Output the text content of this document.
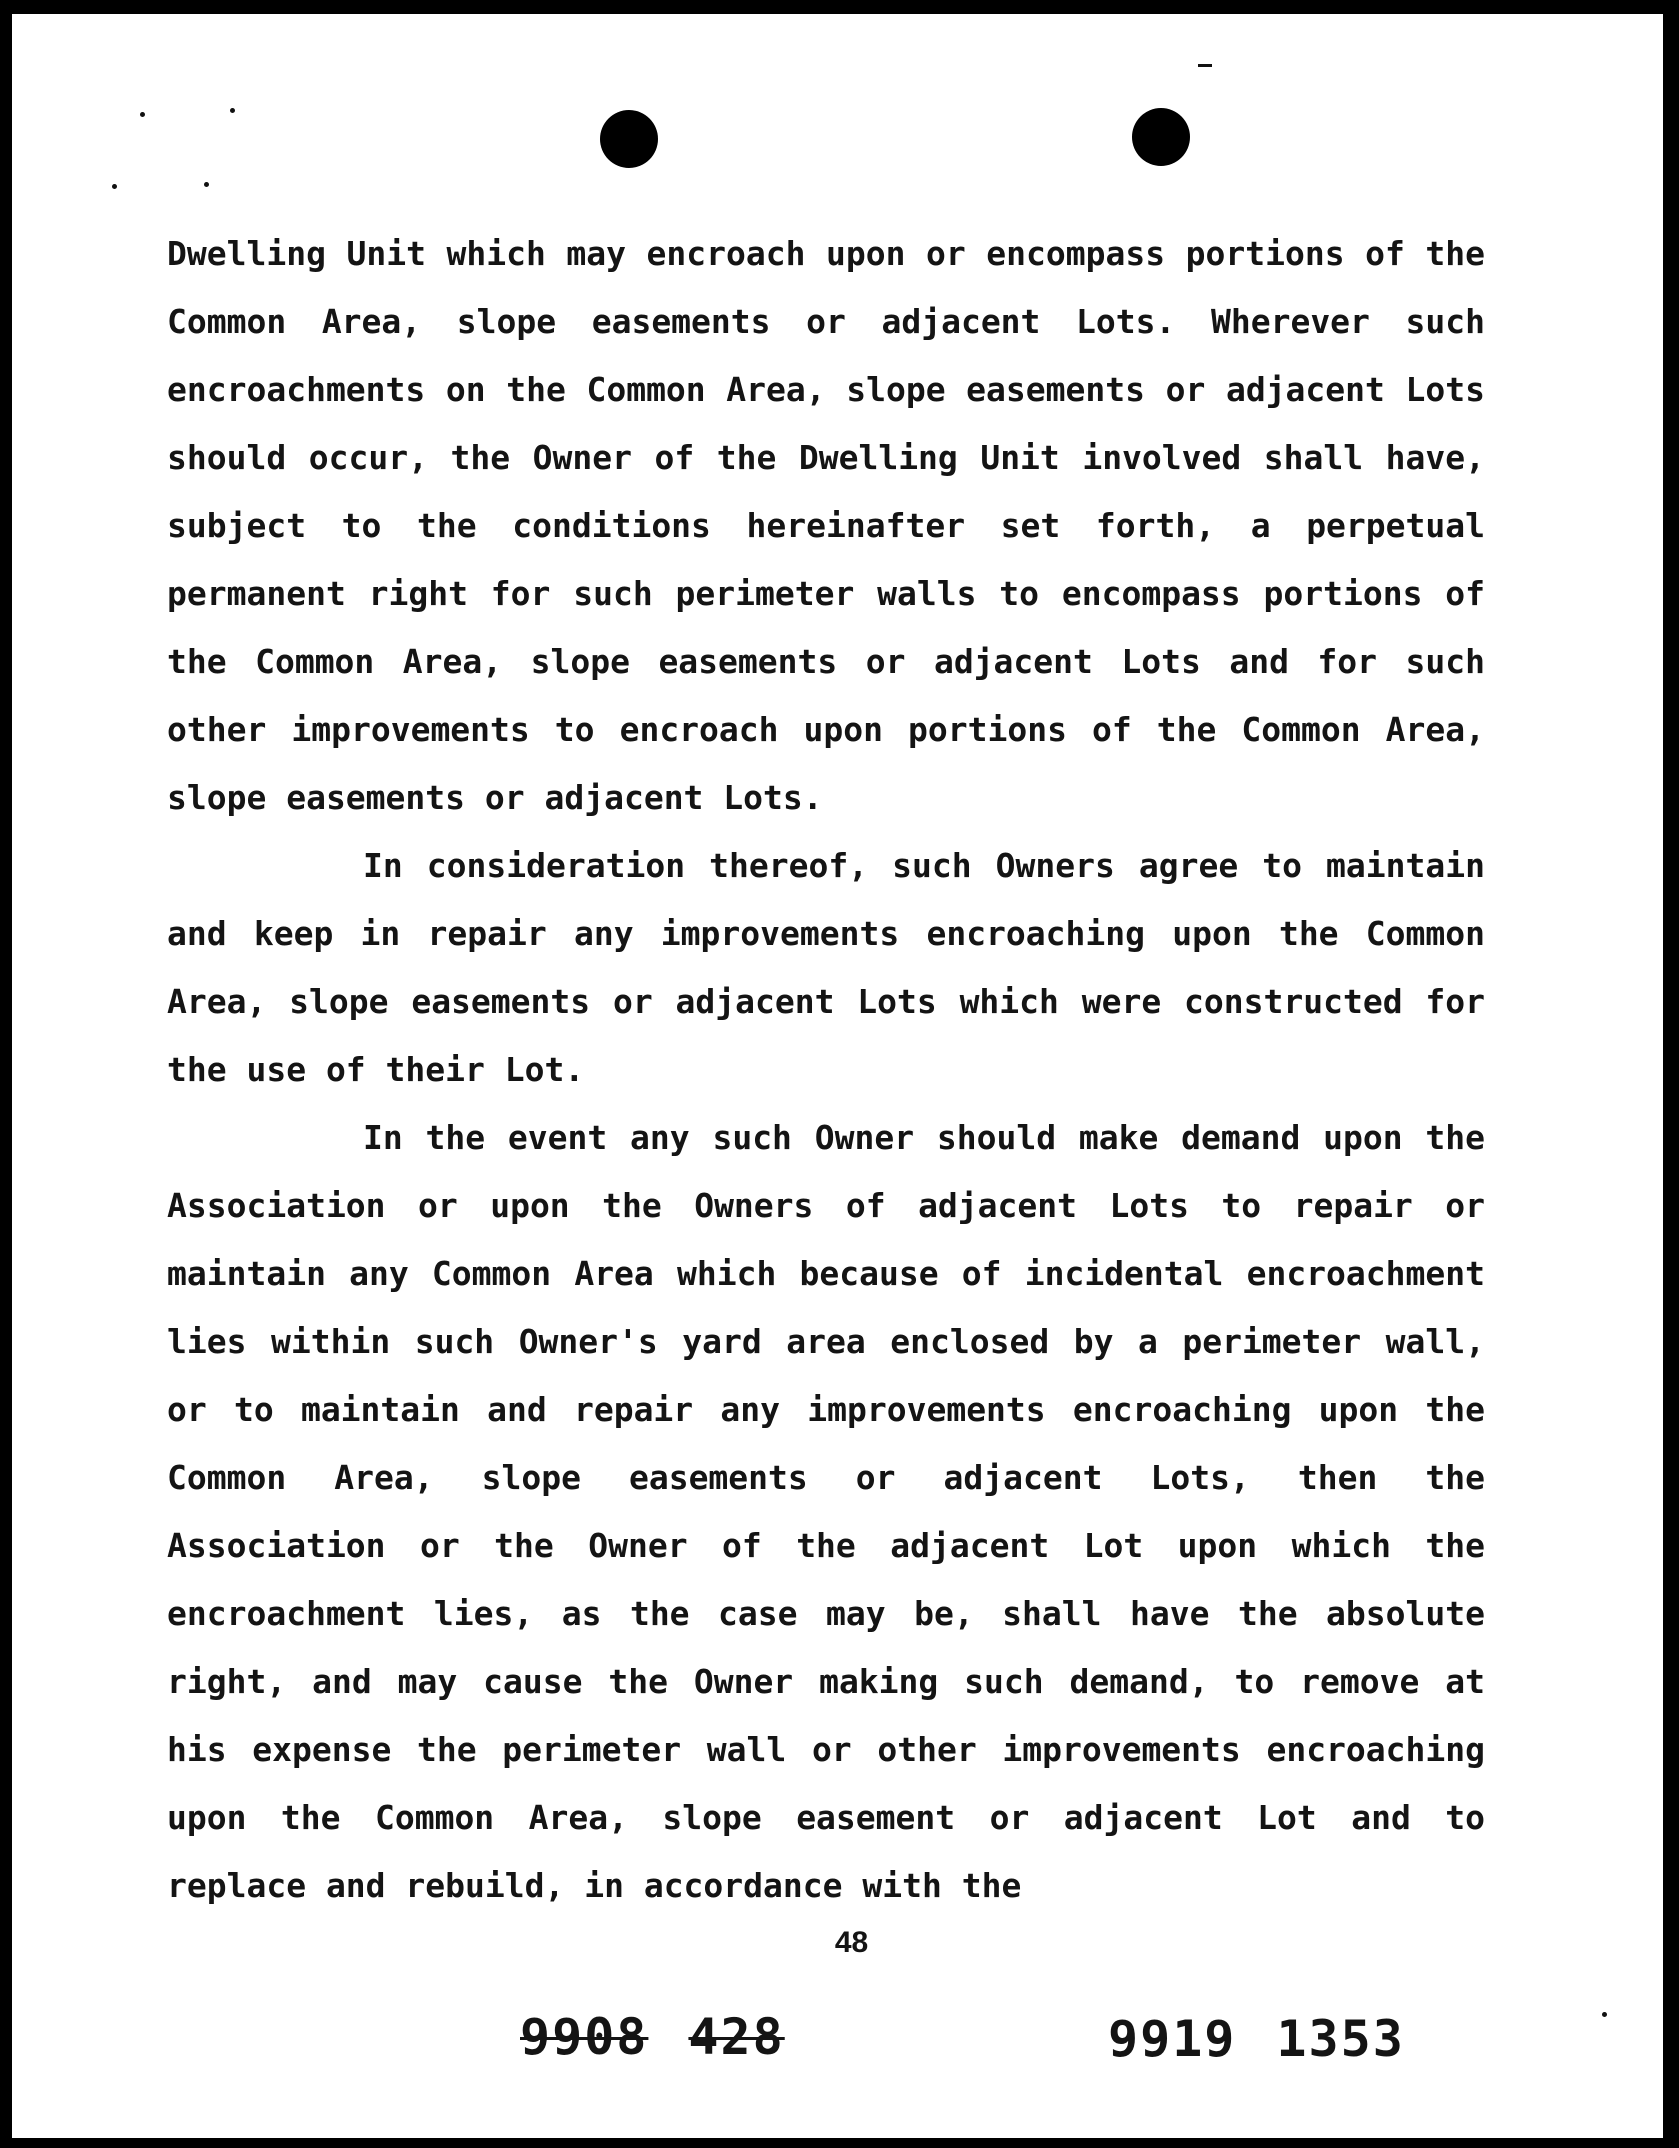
Dwelling Unit which may encroach upon or encompass portions of the Common Area, slope easements or adjacent Lots. Wherever such encroachments on the Common Area, slope easements or adjacent Lots should occur, the Owner of the Dwelling Unit involved shall have, subject to the conditions hereinafter set forth, a perpetual permanent right for such perimeter walls to encompass portions of the Common Area, slope easements or adjacent Lots and for such other improvements to encroach upon portions of the Common Area, slope easements or adjacent Lots.

In consideration thereof, such Owners agree to maintain and keep in repair any improvements encroaching upon the Common Area, slope easements or adjacent Lots which were constructed for the use of their Lot.

In the event any such Owner should make demand upon the Association or upon the Owners of adjacent Lots to repair or maintain any Common Area which because of incidental encroachment lies within such Owner's yard area enclosed by a perimeter wall, or to maintain and repair any improvements encroaching upon the Common Area, slope easements or adjacent Lots, then the Association or the Owner of the adjacent Lot upon which the encroachment lies, as the case may be, shall have the absolute right, and may cause the Owner making such demand, to remove at his expense the perimeter wall or other improvements encroaching upon the Common Area, slope easement or adjacent Lot and to replace and rebuild, in accordance with the

48
9908 428	9919 1353
